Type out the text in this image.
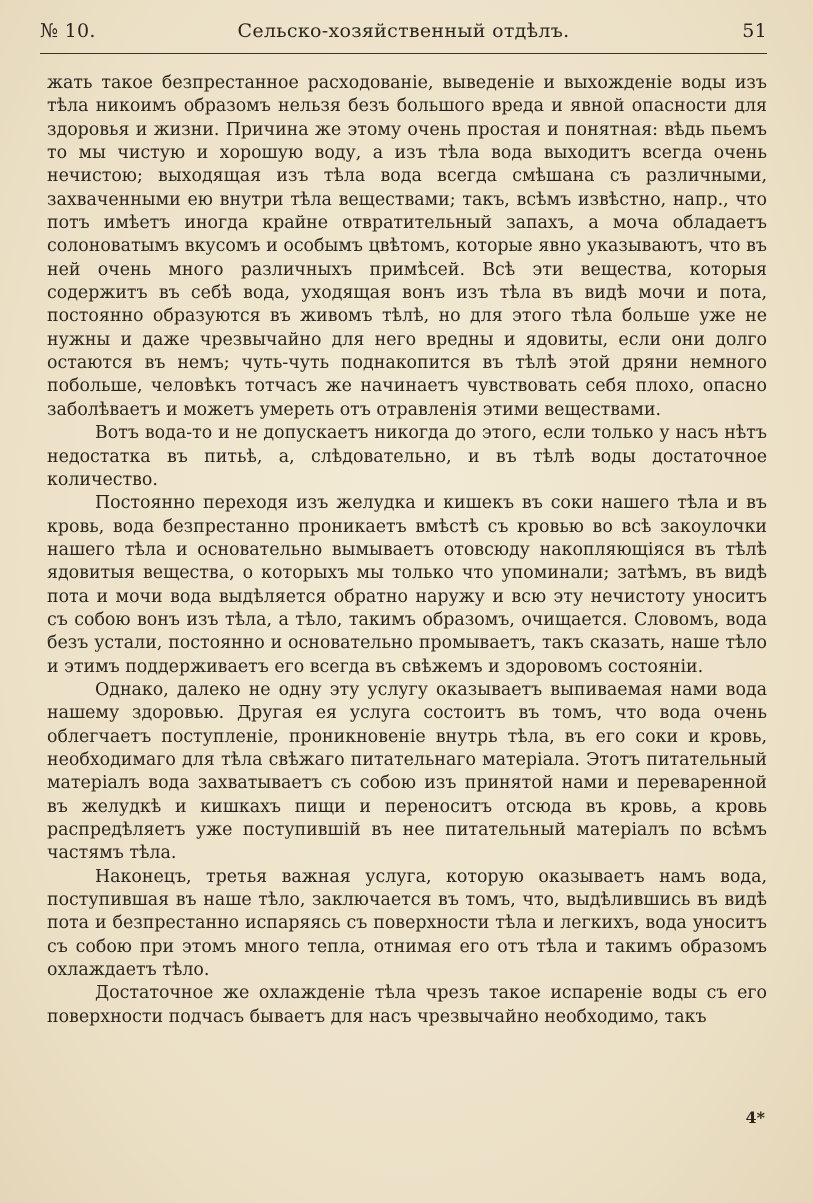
№ 10.	Сельско-хозяйственный отдѣлъ.	51

жать такое безпрестанное расходованіе, выведеніе и выхожденіе воды изъ тѣла никоимъ образомъ нельзя безъ большого вреда и явной опасности для здоровья и жизни. Причина же этому очень простая и понятная: вѣдь пьемъ то мы чистую и хорошую воду, а изъ тѣла вода выходитъ всегда очень нечистою; выходящая изъ тѣла вода всегда смѣшана съ различными, захваченными ею внутри тѣла веществами; такъ, всѣмъ извѣстно, напр., что потъ имѣетъ иногда крайне отвратительный запахъ, а моча обладаетъ солоноватымъ вкусомъ и особымъ цвѣтомъ, которые явно указываютъ, что въ ней очень много различныхъ примѣсей. Всѣ эти вещества, которыя содержитъ въ себѣ вода, уходящая вонъ изъ тѣла въ видѣ мочи и пота, постоянно образуются въ живомъ тѣлѣ, но для этого тѣла больше уже не нужны и даже чрезвычайно для него вредны и ядовиты, если они долго остаются въ немъ; чуть-чуть поднакопится въ тѣлѣ этой дряни немного побольше, человѣкъ тотчасъ же начинаетъ чувствовать себя плохо, опасно заболѣваетъ и можетъ умереть отъ отравленія этими веществами.

Вотъ вода-то и не допускаетъ никогда до этого, если только у насъ нѣтъ недостатка въ питьѣ, а, слѣдовательно, и въ тѣлѣ воды достаточное количество.

Постоянно переходя изъ желудка и кишекъ въ соки нашего тѣла и въ кровь, вода безпрестанно проникаетъ вмѣстѣ съ кровью во всѣ закоулочки нашего тѣла и основательно вымываетъ отовсюду накопляющіяся въ тѣлѣ ядовитыя вещества, о которыхъ мы только что упоминали; затѣмъ, въ видѣ пота и мочи вода выдѣляется обратно наружу и всю эту нечистоту уноситъ съ собою вонъ изъ тѣла, а тѣло, такимъ образомъ, очищается. Словомъ, вода безъ устали, постоянно и основательно промываетъ, такъ сказать, наше тѣло и этимъ поддерживаетъ его всегда въ свѣжемъ и здоровомъ состояніи.

Однако, далеко не одну эту услугу оказываетъ выпиваемая нами вода нашему здоровью. Другая ея услуга состоитъ въ томъ, что вода очень облегчаетъ поступленіе, проникновеніе внутрь тѣла, въ его соки и кровь, необходимаго для тѣла свѣжаго питательнаго матеріала. Этотъ питательный матеріалъ вода захватываетъ съ собою изъ принятой нами и переваренной въ желудкѣ и кишкахъ пищи и переноситъ отсюда въ кровь, а кровь распредѣляетъ уже поступившій въ нее питательный матеріалъ по всѣмъ частямъ тѣла.

Наконецъ, третья важная услуга, которую оказываетъ намъ вода, поступившая въ наше тѣло, заключается въ томъ, что, выдѣлившись въ видѣ пота и безпрестанно испаряясь съ поверхности тѣла и легкихъ, вода уноситъ съ собою при этомъ много тепла, отнимая его отъ тѣла и такимъ образомъ охлаждаетъ тѣло.

Достаточное же охлажденіе тѣла чрезъ такое испареніе воды съ его поверхности подчасъ бываетъ для насъ чрезвычайно необходимо, такъ

4*
